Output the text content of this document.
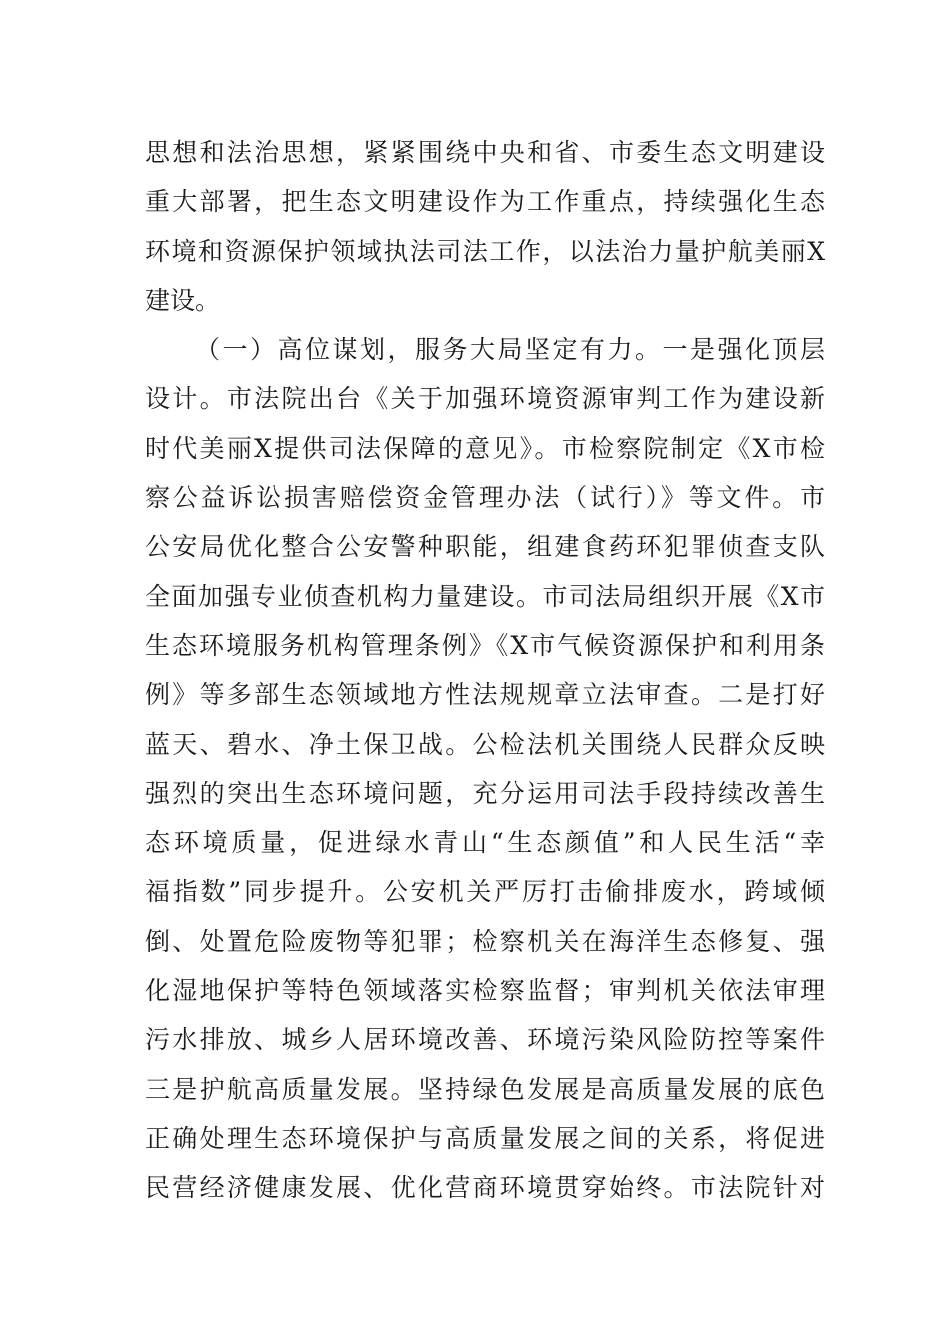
思想和法治思想，紧紧围绕中央和省、市委生态文明建设
重大部署，把生态文明建设作为工作重点，持续强化生态
环境和资源保护领域执法司法工作，以法治力量护航美丽X
建设。
（一）高位谋划，服务大局坚定有力。一是强化顶层
设计。市法院出台《关于加强环境资源审判工作为建设新
时代美丽X提供司法保障的意见》。市检察院制定《X市检
察公益诉讼损害赔偿资金管理办法（试行）》等文件。市
公安局优化整合公安警种职能，组建食药环犯罪侦查支队
全面加强专业侦查机构力量建设。市司法局组织开展《X市
生态环境服务机构管理条例》《X市气候资源保护和利用条
例》等多部生态领域地方性法规规章立法审查。二是打好
蓝天、碧水、净土保卫战。公检法机关围绕人民群众反映
强烈的突出生态环境问题，充分运用司法手段持续改善生
态环境质量，促进绿水青山“生态颜值”和人民生活“幸
福指数”同步提升。公安机关严厉打击偷排废水，跨域倾
倒、处置危险废物等犯罪；检察机关在海洋生态修复、强
化湿地保护等特色领域落实检察监督；审判机关依法审理
污水排放、城乡人居环境改善、环境污染风险防控等案件
三是护航高质量发展。坚持绿色发展是高质量发展的底色
正确处理生态环境保护与高质量发展之间的关系，将促进
民营经济健康发展、优化营商环境贯穿始终。市法院针对
